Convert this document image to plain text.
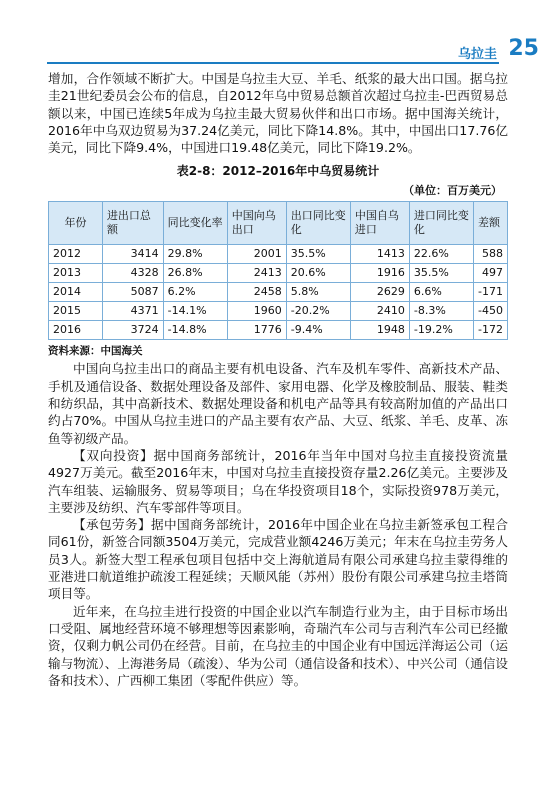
乌拉圭 25

增加，合作领域不断扩大。中国是乌拉圭大豆、羊毛、纸浆的最大出口国。据乌拉圭21世纪委员会公布的信息，自2012年乌中贸易总额首次超过乌拉圭-巴西贸易总额以来，中国已连续5年成为乌拉圭最大贸易伙伴和出口市场。据中国海关统计，2016年中乌双边贸易为37.24亿美元，同比下降14.8%。其中，中国出口17.76亿美元，同比下降9.4%，中国进口19.48亿美元，同比下降19.2%。

表2-8：2012–2016年中乌贸易统计
（单位：百万美元）
年份	进出口总额	同比变化率	中国向乌出口	出口同比变化	中国自乌进口	进口同比变化	差额
2012	3414	29.8%	2001	35.5%	1413	22.6%	588
2013	4328	26.8%	2413	20.6%	1916	35.5%	497
2014	5087	6.2%	2458	5.8%	2629	6.6%	-171
2015	4371	-14.1%	1960	-20.2%	2410	-8.3%	-450
2016	3724	-14.8%	1776	-9.4%	1948	-19.2%	-172
资料来源：中国海关

中国向乌拉圭出口的商品主要有机电设备、汽车及机车零件、高新技术产品、手机及通信设备、数据处理设备及部件、家用电器、化学及橡胶制品、服装、鞋类和纺织品，其中高新技术、数据处理设备和机电产品等具有较高附加值的产品出口约占70%。中国从乌拉圭进口的产品主要有农产品、大豆、纸浆、羊毛、皮革、冻鱼等初级产品。

【双向投资】据中国商务部统计，2016年当年中国对乌拉圭直接投资流量4927万美元。截至2016年末，中国对乌拉圭直接投资存量2.26亿美元。主要涉及汽车组装、运输服务、贸易等项目；乌在华投资项目18个，实际投资978万美元，主要涉及纺织、汽车零部件等项目。

【承包劳务】据中国商务部统计，2016年中国企业在乌拉圭新签承包工程合同61份，新签合同额3504万美元，完成营业额4246万美元；年末在乌拉圭劳务人员3人。新签大型工程承包项目包括中交上海航道局有限公司承建乌拉圭蒙得维的亚港进口航道维护疏浚工程延续；天顺风能（苏州）股份有限公司承建乌拉圭塔筒项目等。

近年来，在乌拉圭进行投资的中国企业以汽车制造行业为主，由于目标市场出口受阻、属地经营环境不够理想等因素影响，奇瑞汽车公司与吉利汽车公司已经撤资，仅剩力帆公司仍在经营。目前，在乌拉圭的中国企业有中国远洋海运公司（运输与物流）、上海港务局（疏浚）、华为公司（通信设备和技术）、中兴公司（通信设备和技术）、广西柳工集团（零配件供应）等。
